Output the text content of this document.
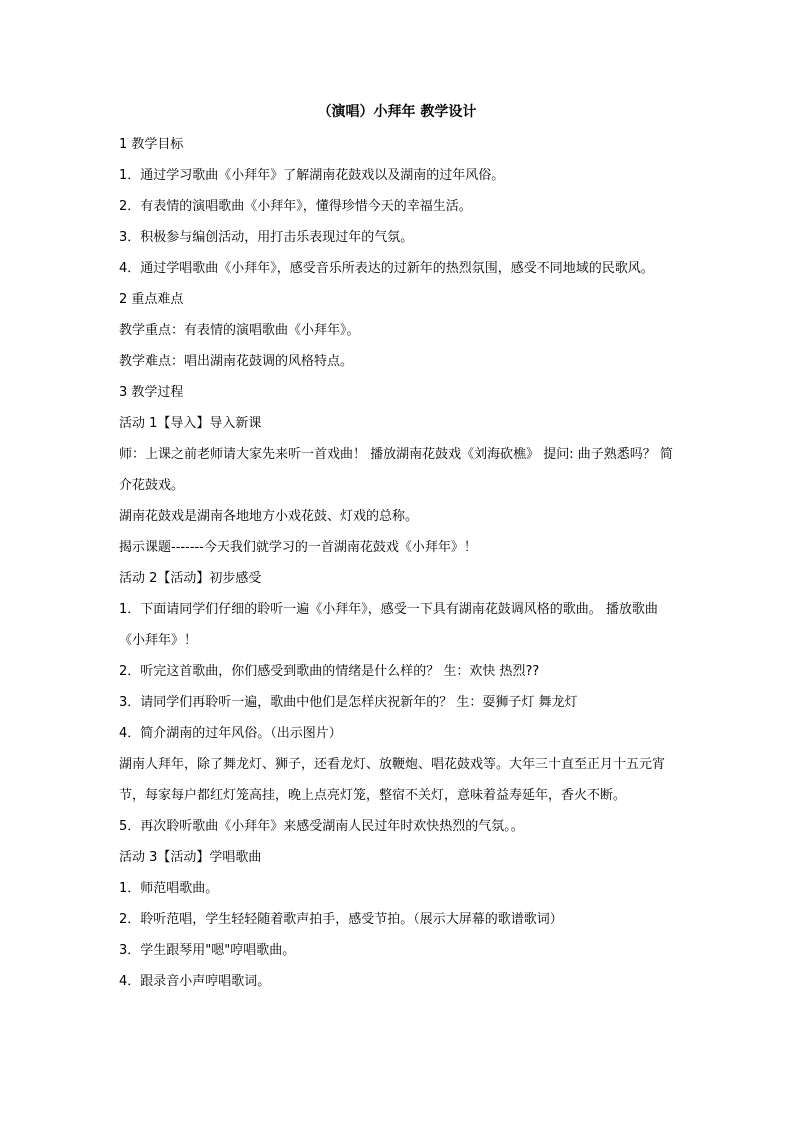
（演唱）小拜年 教学设计

1 教学目标

1．通过学习歌曲《小拜年》了解湖南花鼓戏以及湖南的过年风俗。

2．有表情的演唱歌曲《小拜年》，懂得珍惜今天的幸福生活。

3．积极参与编创活动，用打击乐表现过年的气氛。

4．通过学唱歌曲《小拜年》，感受音乐所表达的过新年的热烈氛围，感受不同地域的民歌风。

2 重点难点

教学重点：有表情的演唱歌曲《小拜年》。

教学难点：唱出湖南花鼓调的风格特点。

3 教学过程

活动 1【导入】导入新课

师：上课之前老师请大家先来听一首戏曲！ 播放湖南花鼓戏《刘海砍樵》 提问: 曲子熟悉吗？ 简介花鼓戏。

湖南花鼓戏是湖南各地地方小戏花鼓、灯戏的总称。

揭示课题-------今天我们就学习的一首湖南花鼓戏《小拜年》！

活动 2【活动】初步感受

1．下面请同学们仔细的聆听一遍《小拜年》，感受一下具有湖南花鼓调风格的歌曲。 播放歌曲《小拜年》！

2．听完这首歌曲，你们感受到歌曲的情绪是什么样的？ 生：欢快 热烈??

3．请同学们再聆听一遍，歌曲中他们是怎样庆祝新年的？ 生：耍狮子灯 舞龙灯

4．简介湖南的过年风俗。（出示图片）

湖南人拜年，除了舞龙灯、狮子，还看龙灯、放鞭炮、唱花鼓戏等。大年三十直至正月十五元宵节，每家每户都红灯笼高挂，晚上点亮灯笼，整宿不关灯，意味着益寿延年，香火不断。

5．再次聆听歌曲《小拜年》来感受湖南人民过年时欢快热烈的气氛。。

活动 3【活动】学唱歌曲

1．师范唱歌曲。

2．聆听范唱，学生轻轻随着歌声拍手，感受节拍。（展示大屏幕的歌谱歌词）

3．学生跟琴用"嗯"哼唱歌曲。

4．跟录音小声哼唱歌词。
